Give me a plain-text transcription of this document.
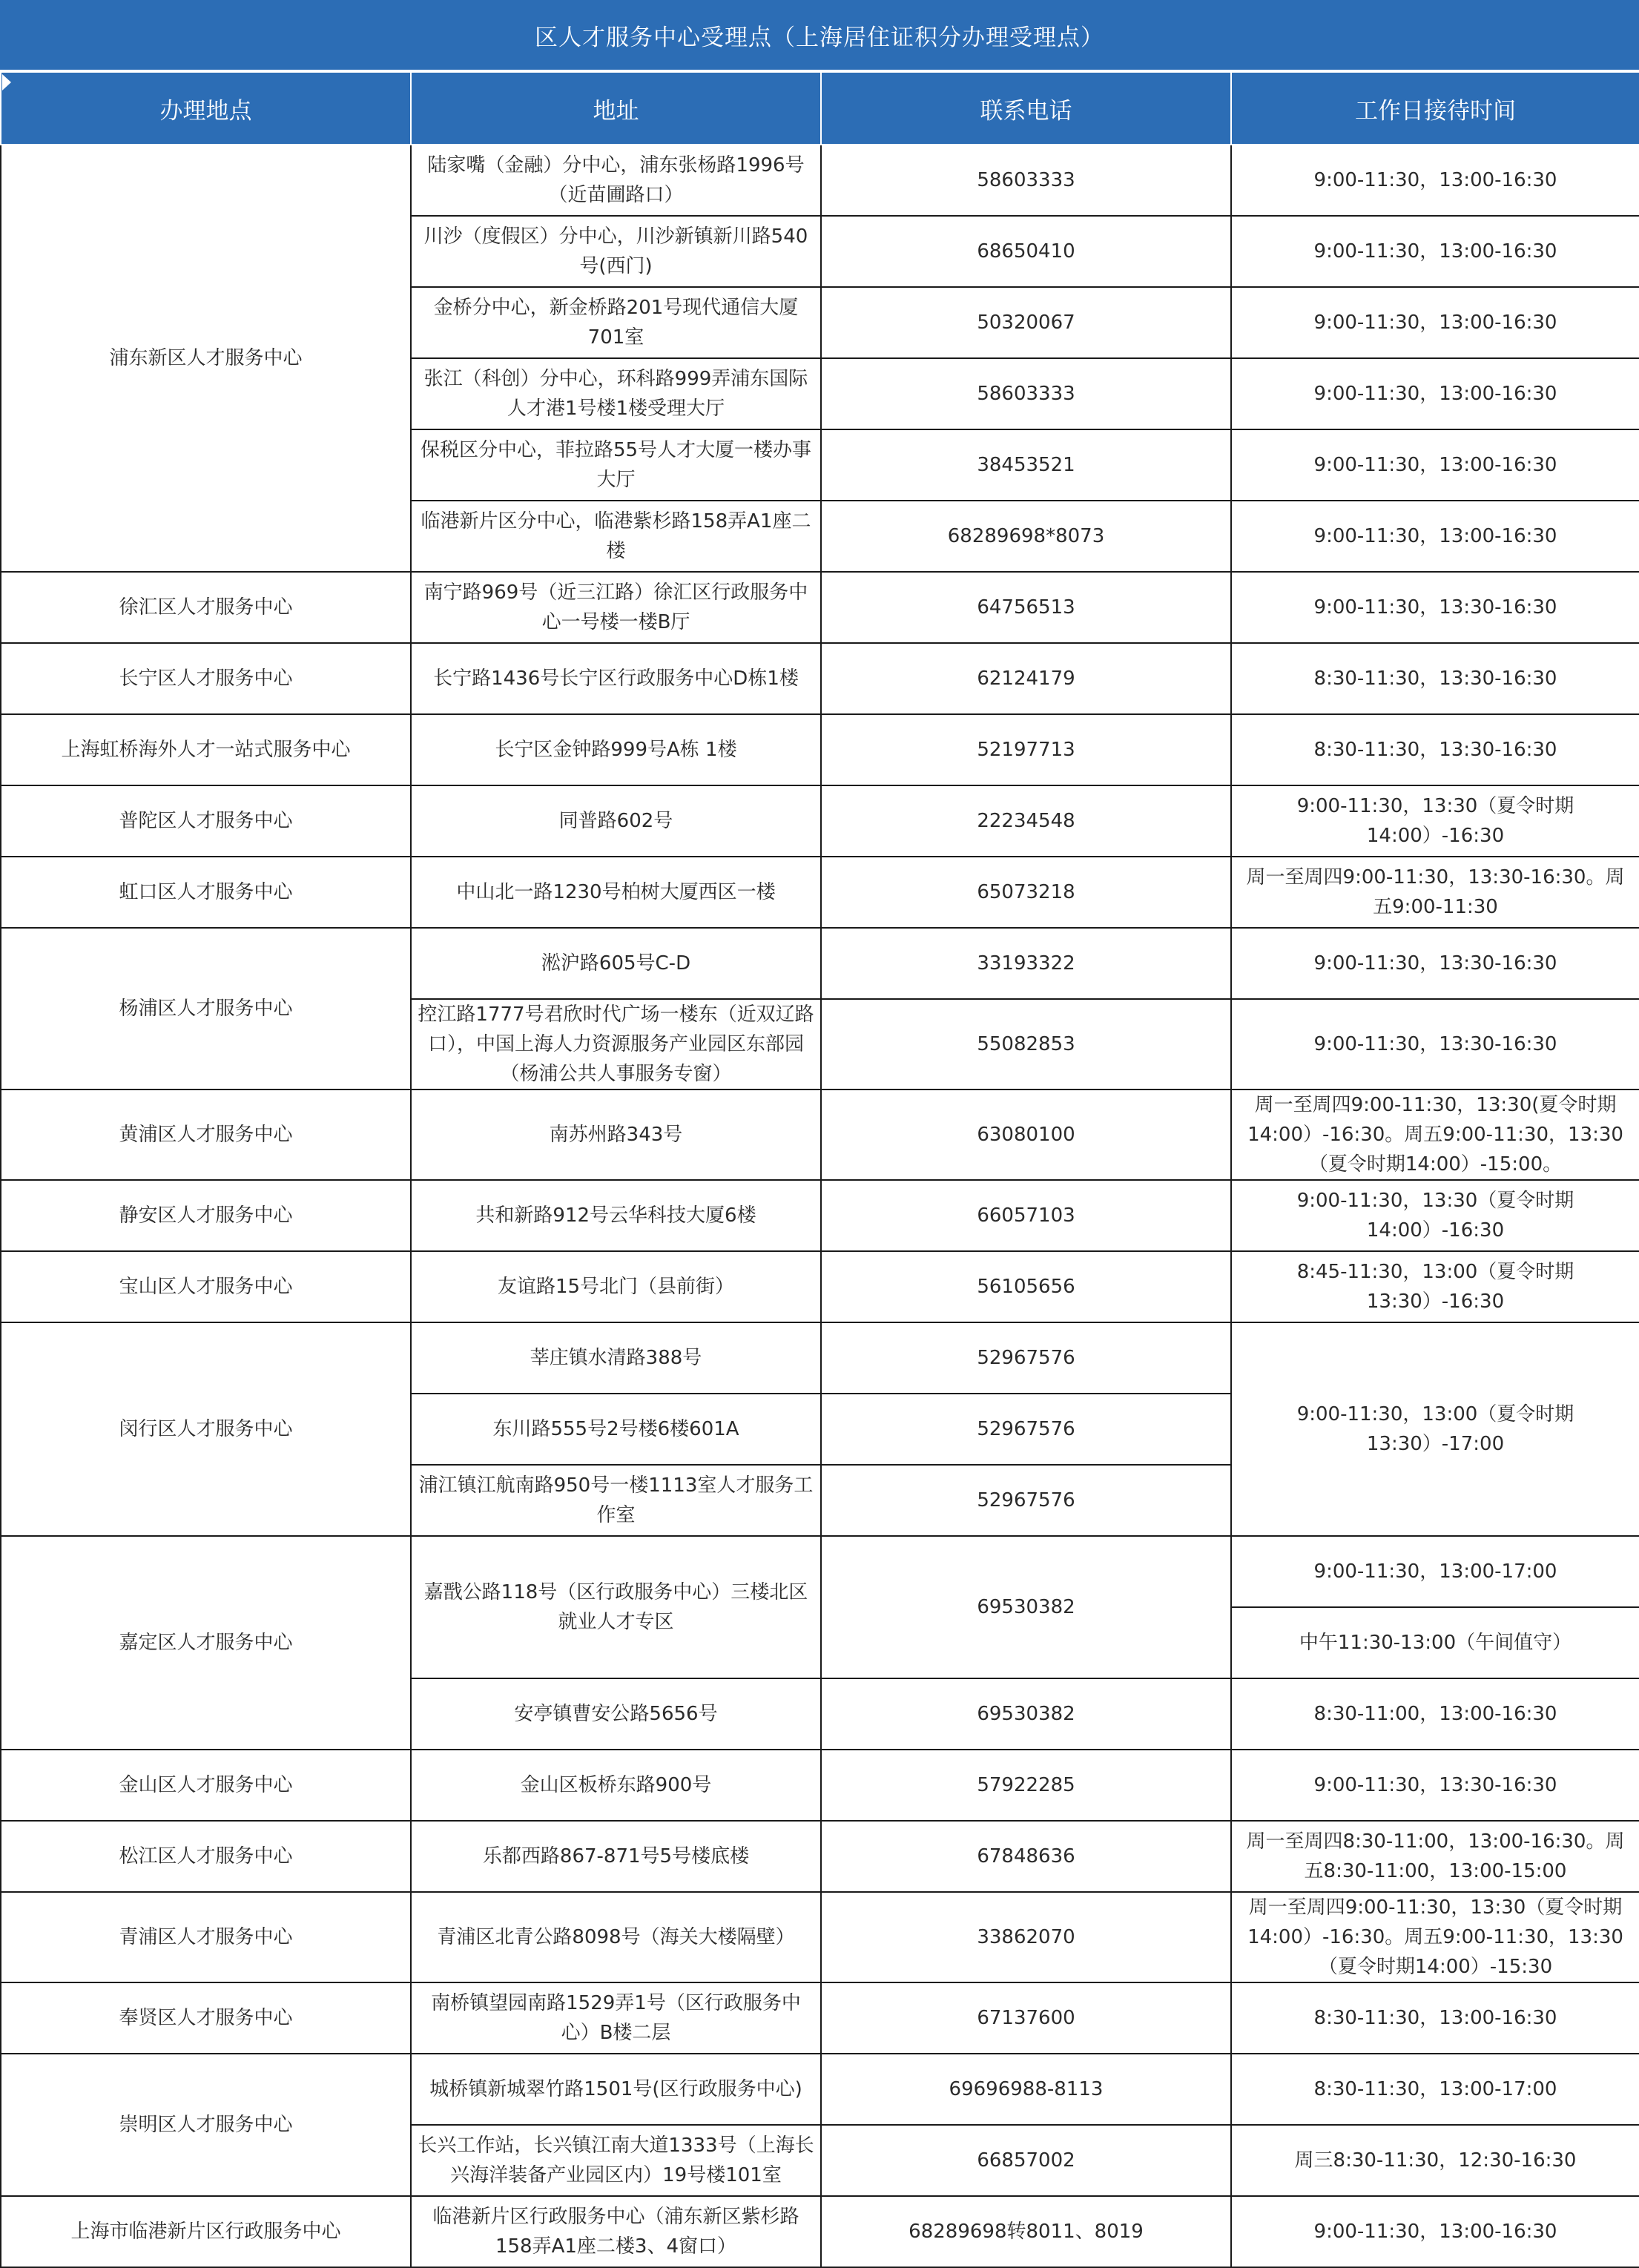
区人才服务中心受理点（上海居住证积分办理受理点）
办理地点	地址	联系电话	工作日接待时间
浦东新区人才服务中心	陆家嘴（金融）分中心，浦东张杨路1996号（近苗圃路口）	58603333	9:00-11:30，13:00-16:30
	川沙（度假区）分中心，川沙新镇新川路540号(西门)	68650410	9:00-11:30，13:00-16:30
	金桥分中心，新金桥路201号现代通信大厦701室	50320067	9:00-11:30，13:00-16:30
	张江（科创）分中心，环科路999弄浦东国际人才港1号楼1楼受理大厅	58603333	9:00-11:30，13:00-16:30
	保税区分中心，菲拉路55号人才大厦一楼办事大厅	38453521	9:00-11:30，13:00-16:30
	临港新片区分中心，临港紫杉路158弄A1座二楼	68289698*8073	9:00-11:30，13:00-16:30
徐汇区人才服务中心	南宁路969号（近三江路）徐汇区行政服务中心一号楼一楼B厅	64756513	9:00-11:30，13:30-16:30
长宁区人才服务中心	长宁路1436号长宁区行政服务中心D栋1楼	62124179	8:30-11:30，13:30-16:30
上海虹桥海外人才一站式服务中心	长宁区金钟路999号A栋 1楼	52197713	8:30-11:30，13:30-16:30
普陀区人才服务中心	同普路602号	22234548	9:00-11:30，13:30（夏令时期14:00）-16:30
虹口区人才服务中心	中山北一路1230号柏树大厦西区一楼	65073218	周一至周四9:00-11:30，13:30-16:30。周五9:00-11:30
杨浦区人才服务中心	淞沪路605号C-D	33193322	9:00-11:30，13:30-16:30
	控江路1777号君欣时代广场一楼东（近双辽路口），中国上海人力资源服务产业园区东部园（杨浦公共人事服务专窗）	55082853	9:00-11:30，13:30-16:30
黄浦区人才服务中心	南苏州路343号	63080100	周一至周四9:00-11:30，13:30(夏令时期14:00）-16:30。周五9:00-11:30，13:30（夏令时期14:00）-15:00。
静安区人才服务中心	共和新路912号云华科技大厦6楼	66057103	9:00-11:30，13:30（夏令时期14:00）-16:30
宝山区人才服务中心	友谊路15号北门（县前街）	56105656	8:45-11:30，13:00（夏令时期13:30）-16:30
闵行区人才服务中心	莘庄镇水清路388号	52967576	9:00-11:30，13:00（夏令时期13:30）-17:00
	东川路555号2号楼6楼601A	52967576	
	浦江镇江航南路950号一楼1113室人才服务工作室	52967576	
嘉定区人才服务中心	嘉戬公路118号（区行政服务中心）三楼北区就业人才专区	69530382	9:00-11:30，13:00-17:00
			中午11:30-13:00（午间值守）
	安亭镇曹安公路5656号	69530382	8:30-11:00，13:00-16:30
金山区人才服务中心	金山区板桥东路900号	57922285	9:00-11:30，13:30-16:30
松江区人才服务中心	乐都西路867-871号5号楼底楼	67848636	周一至周四8:30-11:00，13:00-16:30。周五8:30-11:00，13:00-15:00
青浦区人才服务中心	青浦区北青公路8098号（海关大楼隔壁）	33862070	周一至周四9:00-11:30，13:30（夏令时期14:00）-16:30。周五9:00-11:30，13:30（夏令时期14:00）-15:30
奉贤区人才服务中心	南桥镇望园南路1529弄1号（区行政服务中心）B楼二层	67137600	8:30-11:30，13:00-16:30
崇明区人才服务中心	城桥镇新城翠竹路1501号(区行政服务中心)	69696988-8113	8:30-11:30，13:00-17:00
	长兴工作站，长兴镇江南大道1333号（上海长兴海洋装备产业园区内）19号楼101室	66857002	周三8:30-11:30，12:30-16:30
上海市临港新片区行政服务中心	临港新片区行政服务中心（浦东新区紫杉路158弄A1座二楼3、4窗口）	68289698转8011、8019	9:00-11:30，13:00-16:30
